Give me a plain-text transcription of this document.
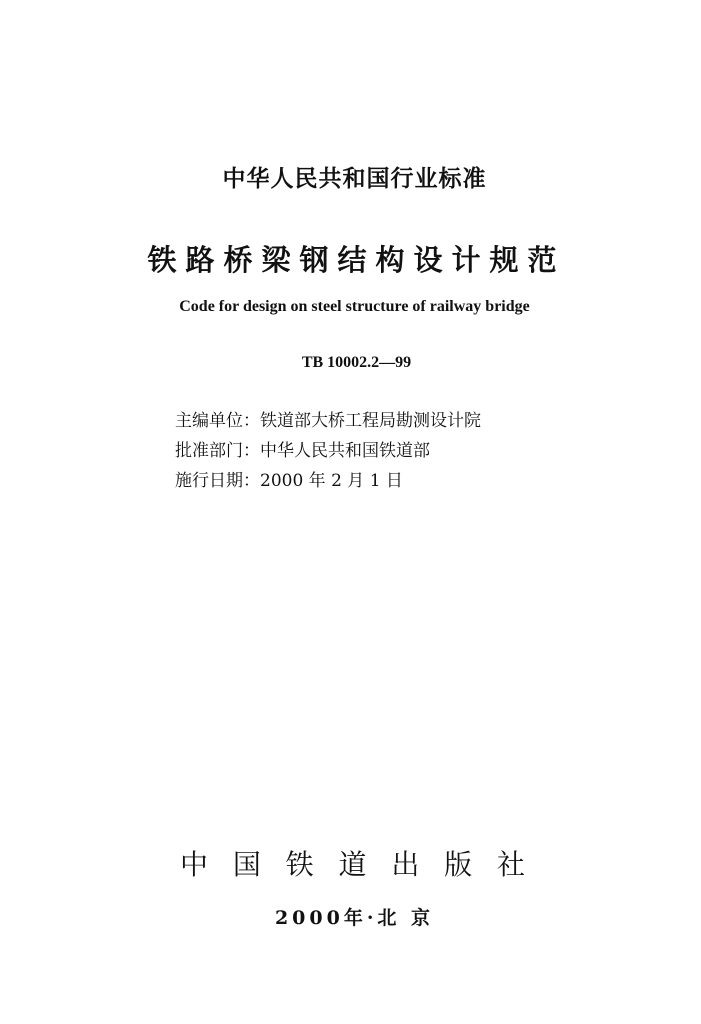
中华人民共和国行业标准
铁路桥梁钢结构设计规范
Code for design on steel structure of railway bridge
TB 10002.2—99
主编单位：铁道部大桥工程局勘测设计院
批准部门：中华人民共和国铁道部
施行日期：2000 年 2 月 1 日
中 国 铁 道 出 版 社
2000年·北 京
